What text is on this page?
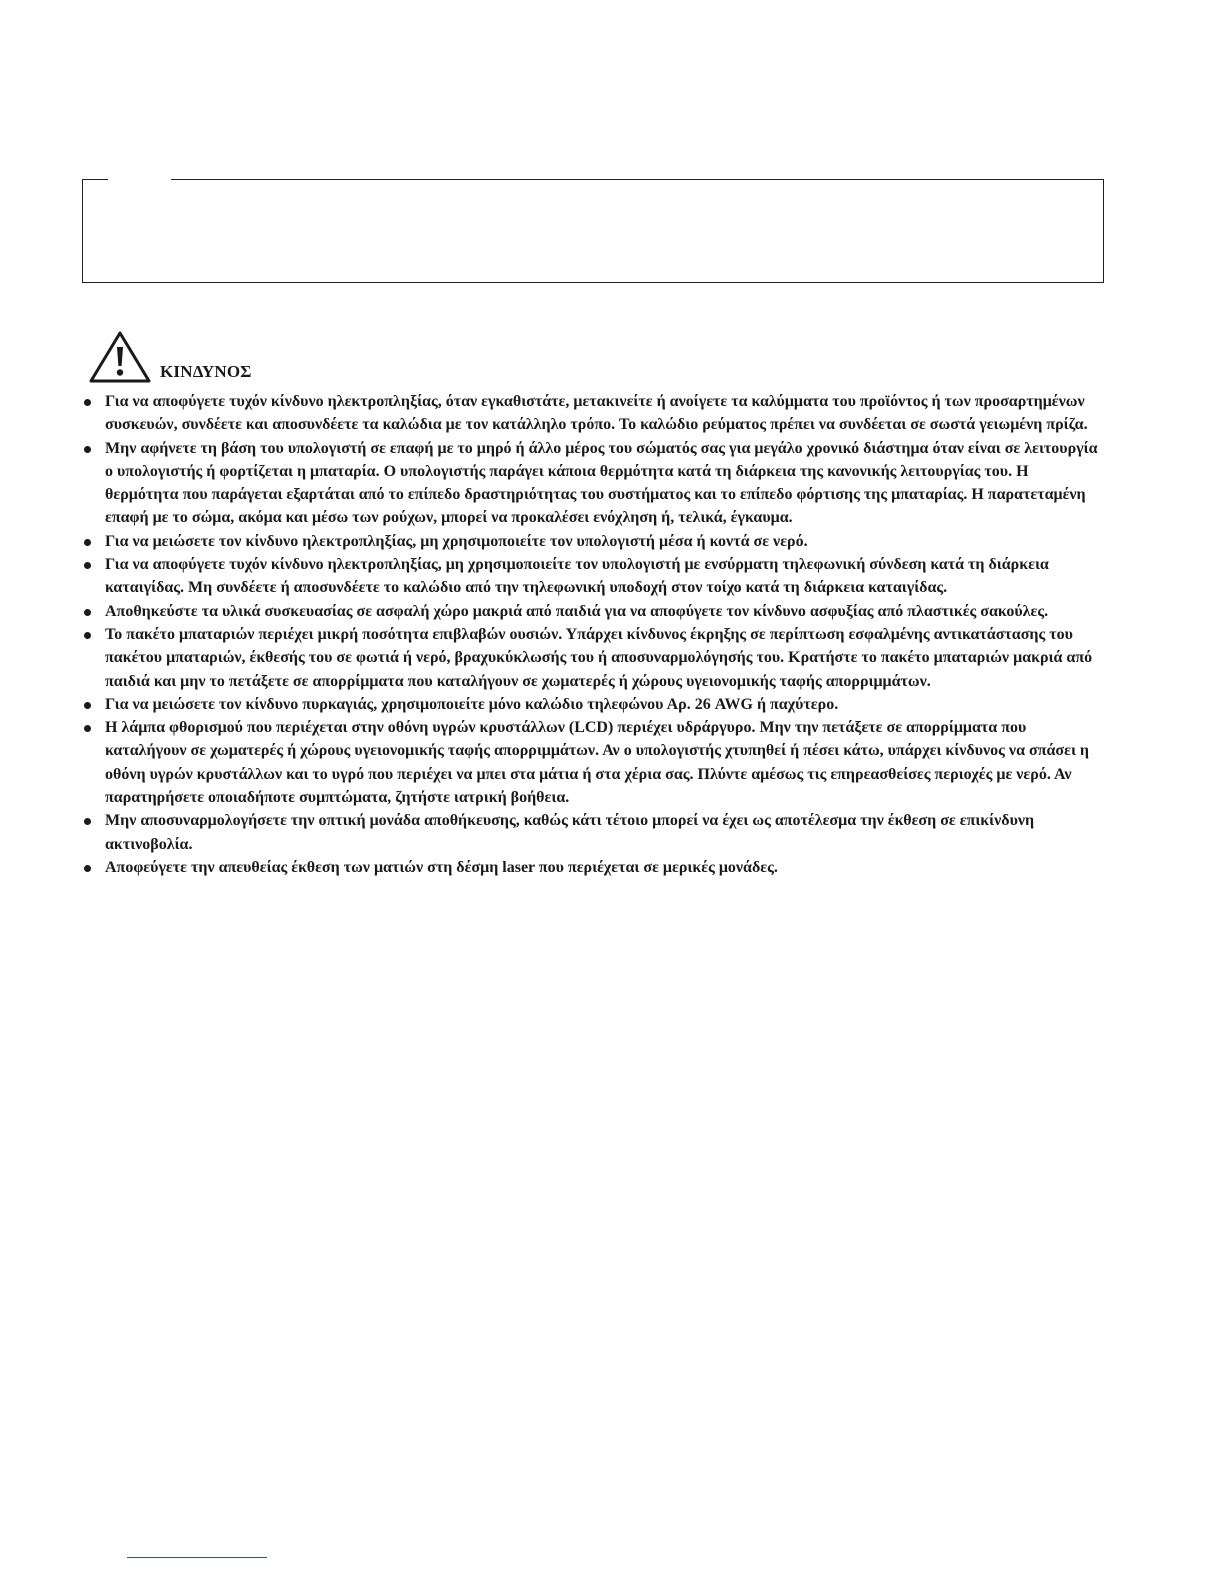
ΚΙΝΔΥΝΟΣ
Για να αποφύγετε τυχόν κίνδυνο ηλεκτροπληξίας, όταν εγκαθιστάτε, μετακινείτε ή ανοίγετε τα καλύμματα του προϊόντος ή των προσαρτημένων συσκευών, συνδέετε και αποσυνδέετε τα καλώδια με τον κατάλληλο τρόπο. Το καλώδιο ρεύματος πρέπει να συνδέεται σε σωστά γειωμένη πρίζα.
Μην αφήνετε τη βάση του υπολογιστή σε επαφή με το μηρό ή άλλο μέρος του σώματός σας για μεγάλο χρονικό διάστημα όταν είναι σε λειτουργία ο υπολογιστής ή φορτίζεται η μπαταρία. Ο υπολογιστής παράγει κάποια θερμότητα κατά τη διάρκεια της κανονικής λειτουργίας του. Η θερμότητα που παράγεται εξαρτάται από το επίπεδο δραστηριότητας του συστήματος και το επίπεδο φόρτισης της μπαταρίας. Η παρατεταμένη επαφή με το σώμα, ακόμα και μέσω των ρούχων, μπορεί να προκαλέσει ενόχληση ή, τελικά, έγκαυμα.
Για να μειώσετε τον κίνδυνο ηλεκτροπληξίας, μη χρησιμοποιείτε τον υπολογιστή μέσα ή κοντά σε νερό.
Για να αποφύγετε τυχόν κίνδυνο ηλεκτροπληξίας, μη χρησιμοποιείτε τον υπολογιστή με ενσύρματη τηλεφωνική σύνδεση κατά τη διάρκεια καταιγίδας. Μη συνδέετε ή αποσυνδέετε το καλώδιο από την τηλεφωνική υποδοχή στον τοίχο κατά τη διάρκεια καταιγίδας.
Αποθηκεύστε τα υλικά συσκευασίας σε ασφαλή χώρο μακριά από παιδιά για να αποφύγετε τον κίνδυνο ασφυξίας από πλαστικές σακούλες.
Το πακέτο μπαταριών περιέχει μικρή ποσότητα επιβλαβών ουσιών. Υπάρχει κίνδυνος έκρηξης σε περίπτωση εσφαλμένης αντικατάστασης του πακέτου μπαταριών, έκθεσής του σε φωτιά ή νερό, βραχυκύκλωσής του ή αποσυναρμολόγησής του. Κρατήστε το πακέτο μπαταριών μακριά από παιδιά και μην το πετάξετε σε απορρίμματα που καταλήγουν σε χωματερές ή χώρους υγειονομικής ταφής απορριμμάτων.
Για να μειώσετε τον κίνδυνο πυρκαγιάς, χρησιμοποιείτε μόνο καλώδιο τηλεφώνου Αρ. 26 AWG ή παχύτερο.
Η λάμπα φθορισμού που περιέχεται στην οθόνη υγρών κρυστάλλων (LCD) περιέχει υδράργυρο. Μην την πετάξετε σε απορρίμματα που καταλήγουν σε χωματερές ή χώρους υγειονομικής ταφής απορριμμάτων. Αν ο υπολογιστής χτυπηθεί ή πέσει κάτω, υπάρχει κίνδυνος να σπάσει η οθόνη υγρών κρυστάλλων και το υγρό που περιέχει να μπει στα μάτια ή στα χέρια σας. Πλύντε αμέσως τις επηρεασθείσες περιοχές με νερό. Αν παρατηρήσετε οποιαδήποτε συμπτώματα, ζητήστε ιατρική βοήθεια.
Μην αποσυναρμολογήσετε την οπτική μονάδα αποθήκευσης, καθώς κάτι τέτοιο μπορεί να έχει ως αποτέλεσμα την έκθεση σε επικίνδυνη ακτινοβολία.
Αποφεύγετε την απευθείας έκθεση των ματιών στη δέσμη laser που περιέχεται σε μερικές μονάδες.
